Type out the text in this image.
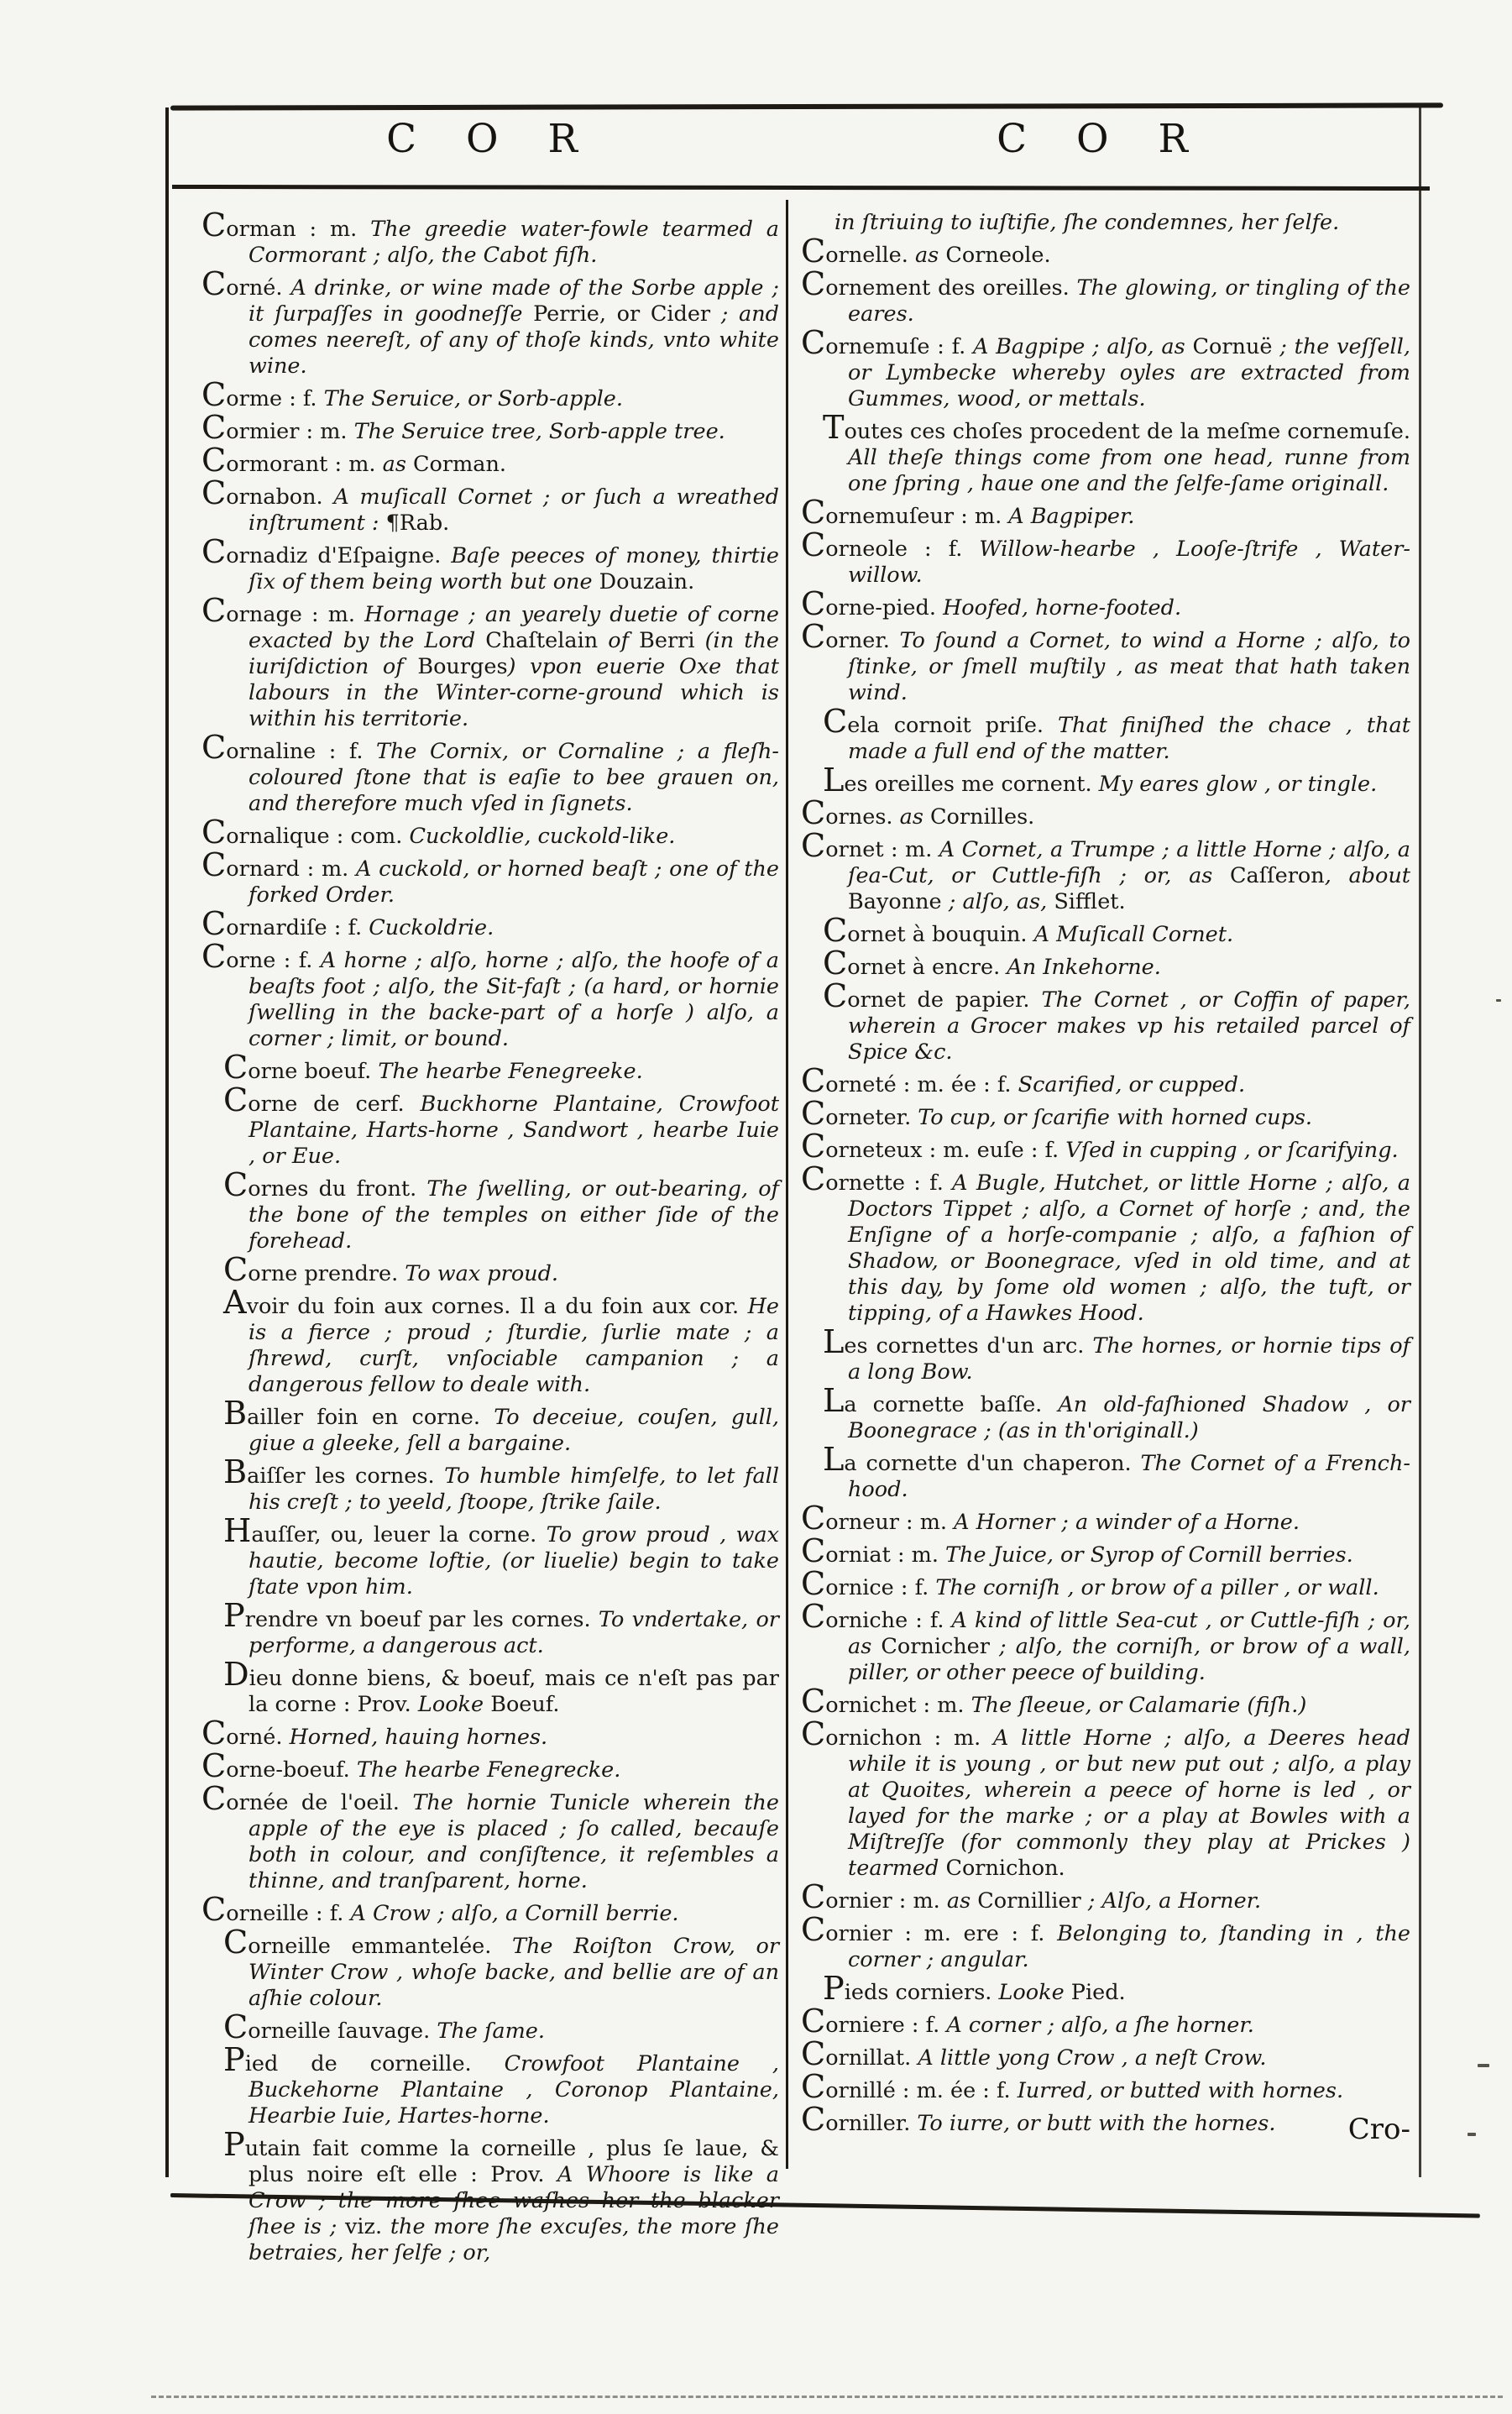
C O R	C O R

Corman : m. The greedie water-fowle tearmed a Cormorant ; alſo, the Cabot fiſh.

Corné. A drinke, or wine made of the Sorbe apple ; it ſurpaſſes in goodneſſe Perrie, or Cider ; and comes neereſt, of any of thoſe kinds, vnto white wine.

Corme : f. The Seruice, or Sorb-apple.

Cormier : m. The Seruice tree, Sorb-apple tree.

Cormorant : m. as Corman.

Cornabon. A muſicall Cornet ; or ſuch a wreathed inſtrument : ¶Rab.

Cornadiz d'Eſpaigne. Baſe peeces of money, thirtie ſix of them being worth but one Douzain.

Cornage : m. Hornage ; an yearely duetie of corne exacted by the Lord Chaſtelain of Berri (in the iuriſdiction of Bourges) vpon euerie Oxe that labours in the Winter-corne-ground which is within his territorie.

Cornaline : f. The Cornix, or Cornaline ; a fleſh-coloured ſtone that is eaſie to bee grauen on, and therefore much vſed in ſignets.

Cornalique : com. Cuckoldlie, cuckold-like.

Cornard : m. A cuckold, or horned beaſt ; one of the forked Order.

Cornardiſe : f. Cuckoldrie.

Corne : f. A horne ; alſo, horne ; alſo, the hoofe of a beaſts foot ; alſo, the Sit-faſt ; (a hard, or hornie ſwelling in the backe-part of a horſe ) alſo, a corner ; limit, or bound.

Corne boeuf. The hearbe Fenegreeke.

Corne de cerf. Buckhorne Plantaine, Crowfoot Plantaine, Harts-horne , Sandwort , hearbe Iuie , or Eue.

Cornes du front. The ſwelling, or out-bearing, of the bone of the temples on either ſide of the forehead.

Corne prendre. To wax proud.

Avoir du foin aux cornes. Il a du foin aux cor. He is a fierce ; proud ; ſturdie, ſurlie mate ; a ſhrewd, curſt, vnſociable campanion ; a dangerous fellow to deale with.

Bailler foin en corne. To deceiue, couſen, gull, giue a gleeke, ſell a bargaine.

Baiſſer les cornes. To humble himſelfe, to let fall his creſt ; to yeeld, ſtoope, ſtrike ſaile.

Hauſſer, ou, leuer la corne. To grow proud , wax hautie, become loftie, (or liuelie) begin to take ſtate vpon him.

Prendre vn boeuf par les cornes. To vndertake, or performe, a dangerous act.

Dieu donne biens, & boeuf, mais ce n'eſt pas par la corne : Prov. Looke Boeuf.

Corné. Horned, hauing hornes.

Corne-boeuf. The hearbe Fenegrecke.

Cornée de l'oeil. The hornie Tunicle wherein the apple of the eye is placed ; ſo called, becauſe both in colour, and conſiſtence, it reſembles a thinne, and tranſparent, horne.

Corneille : f. A Crow ; alſo, a Cornill berrie.

Corneille emmantelée. The Roiſton Crow, or Winter Crow , whoſe backe, and bellie are of an aſhie colour.

Corneille ſauvage. The ſame.

Pied de corneille. Crowfoot Plantaine , Buckehorne Plantaine , Coronop Plantaine, Hearbie Iuie, Hartes-horne.

Putain fait comme la corneille , plus ſe laue, & plus noire eſt elle : Prov. A Whoore is like a Crow ; the more ſhee waſhes her the blacker ſhee is ; viz. the more ſhe excuſes, the more ſhe betraies, her ſelfe ; or,

in ſtriuing to iuſtifie, ſhe condemnes, her ſelfe.

Cornelle. as Corneole.

Cornement des oreilles. The glowing, or tingling of the eares.

Cornemuſe : f. A Bagpipe ; alſo, as Cornuë ; the veſſell, or Lymbecke whereby oyles are extracted from Gummes, wood, or mettals.

Toutes ces choſes procedent de la meſme cornemuſe. All theſe things come from one head, runne from one ſpring , haue one and the ſelfe-ſame originall.

Cornemuſeur : m. A Bagpiper.

Corneole : f. Willow-hearbe , Looſe-ſtrife , Water-willow.

Corne-pied. Hoofed, horne-footed.

Corner. To ſound a Cornet, to wind a Horne ; alſo, to ſtinke, or ſmell muſtily , as meat that hath taken wind.

Cela cornoit priſe. That finiſhed the chace , that made a full end of the matter.

Les oreilles me cornent. My eares glow , or tingle.

Cornes. as Cornilles.

Cornet : m. A Cornet, a Trumpe ; a little Horne ; alſo, a ſea-Cut, or Cuttle-fiſh ; or, as Caſſeron, about Bayonne ; alſo, as, Sifflet.

Cornet à bouquin. A Muſicall Cornet.

Cornet à encre. An Inkehorne.

Cornet de papier. The Cornet , or Coffin of paper, wherein a Grocer makes vp his retailed parcel of Spice &c.

Corneté : m. ée : f. Scarified, or cupped.

Corneter. To cup, or ſcarifie with horned cups.

Corneteux : m. euſe : f. Vſed in cupping , or ſcarifying.

Cornette : f. A Bugle, Hutchet, or little Horne ; alſo, a Doctors Tippet ; alſo, a Cornet of horſe ; and, the Enſigne of a horſe-companie ; alſo, a faſhion of Shadow, or Boonegrace, vſed in old time, and at this day, by ſome old women ; alſo, the tuft, or tipping, of a Hawkes Hood.

Les cornettes d'un arc. The hornes, or hornie tips of a long Bow.

La cornette baſſe. An old-faſhioned Shadow , or Boonegrace ; (as in th'originall.)

La cornette d'un chaperon. The Cornet of a French-hood.

Corneur : m. A Horner ; a winder of a Horne.

Corniat : m. The Juice, or Syrop of Cornill berries.

Cornice : f. The corniſh , or brow of a piller , or wall.

Corniche : f. A kind of little Sea-cut , or Cuttle-fiſh ; or, as Cornicher ; alſo, the corniſh, or brow of a wall, piller, or other peece of building.

Cornichet : m. The ſleeue, or Calamarie (fiſh.)

Cornichon : m. A little Horne ; alſo, a Deeres head while it is young , or but new put out ; alſo, a play at Quoites, wherein a peece of horne is led , or layed for the marke ; or a play at Bowles with a Miſtreſſe (for commonly they play at Prickes ) tearmed Cornichon.

Cornier : m. as Cornillier ; Alſo, a Horner.

Cornier : m. ere : f. Belonging to, ſtanding in , the corner ; angular.

Pieds corniers. Looke Pied.

Corniere : f. A corner ; alſo, a ſhe horner.

Cornillat. A little yong Crow , a neſt Crow.

Cornillé : m. ée : f. Iurred, or butted with hornes.

Corniller. To iurre, or butt with the hornes.	Cro-
